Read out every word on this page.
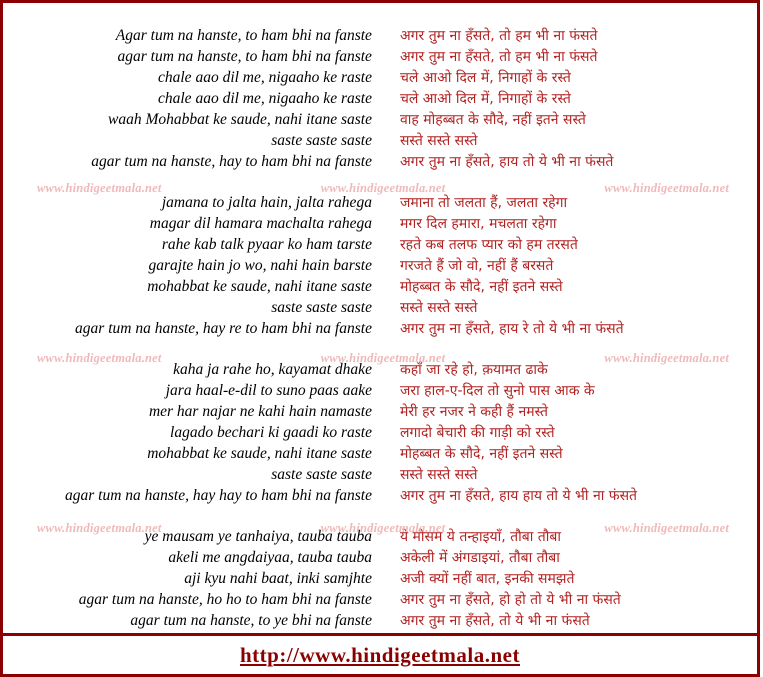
Agar tum na hanste, to ham bhi na fanste	अगर तुम ना हँसते, तो हम भी ना फंसते
agar tum na hanste, to ham bhi na fanste	अगर तुम ना हँसते, तो हम भी ना फंसते
chale aao dil me, nigaaho ke raste	चले आओ दिल में, निगाहों के रस्ते
chale aao dil me, nigaaho ke raste	चले आओ दिल में, निगाहों के रस्ते
waah Mohabbat ke saude, nahi itane saste	वाह मोहब्बत के सौदे, नहीं इतने सस्ते
saste saste saste	सस्ते सस्ते सस्ते
agar tum na hanste, hay to ham bhi na fanste	अगर तुम ना हँसते, हाय तो ये भी ना फंसते
jamana to jalta hain, jalta rahega	जमाना तो जलता हैं, जलता रहेगा
magar dil hamara machalta rahega	मगर दिल हमारा, मचलता रहेगा
rahe kab talk pyaar ko ham tarste	रहते कब तलफ प्यार को हम तरसते
garajte hain jo wo, nahi hain barste	गरजते हैं जो वो, नहीं हैं बरसते
mohabbat ke saude, nahi itane saste	मोहब्बत के सौदे, नहीं इतने सस्ते
saste saste saste	सस्ते सस्ते सस्ते
agar tum na hanste, hay re to ham bhi na fanste	अगर तुम ना हँसते, हाय रे तो ये भी ना फंसते
kaha ja rahe ho, kayamat dhake	कहाँ जा रहे हो, क़यामत ढाके
jara haal-e-dil to suno paas aake	जरा हाल-ए-दिल तो सुनो पास आक के
mer har najar ne kahi hain namaste	मेरी हर नजर ने कही हैं नमस्ते
lagado bechari ki gaadi ko raste	लगादो बेचारी की गाड़ी को रस्ते
mohabbat ke saude, nahi itane saste	मोहब्बत के सौदे, नहीं इतने सस्ते
saste saste saste	सस्ते सस्ते सस्ते
agar tum na hanste, hay hay to ham bhi na fanste	अगर तुम ना हँसते, हाय हाय तो ये भी ना फंसते
ye mausam ye tanhaiya, tauba tauba	ये मौसम ये तन्हाइयाँ, तौबा तौबा
akeli me angdaiyaa, tauba tauba	अकेली में अंगडाइयां, तौबा तौबा
aji kyu nahi baat, inki samjhte	अजी क्यों नहीं बात, इनकी समझते
agar tum na hanste, ho ho to ham bhi na fanste	अगर तुम ना हँसते, हो हो तो ये भी ना फंसते
agar tum na hanste, to ye bhi na fanste	अगर तुम ना हँसते, तो ये भी ना फंसते
www.hindigeetmala.net	www.hindigeetmala.net	www.hindigeetmala.net
www.hindigeetmala.net	www.hindigeetmala.net	www.hindigeetmala.net
www.hindigeetmala.net	www.hindigeetmala.net	www.hindigeetmala.net
http://www.hindigeetmala.net
